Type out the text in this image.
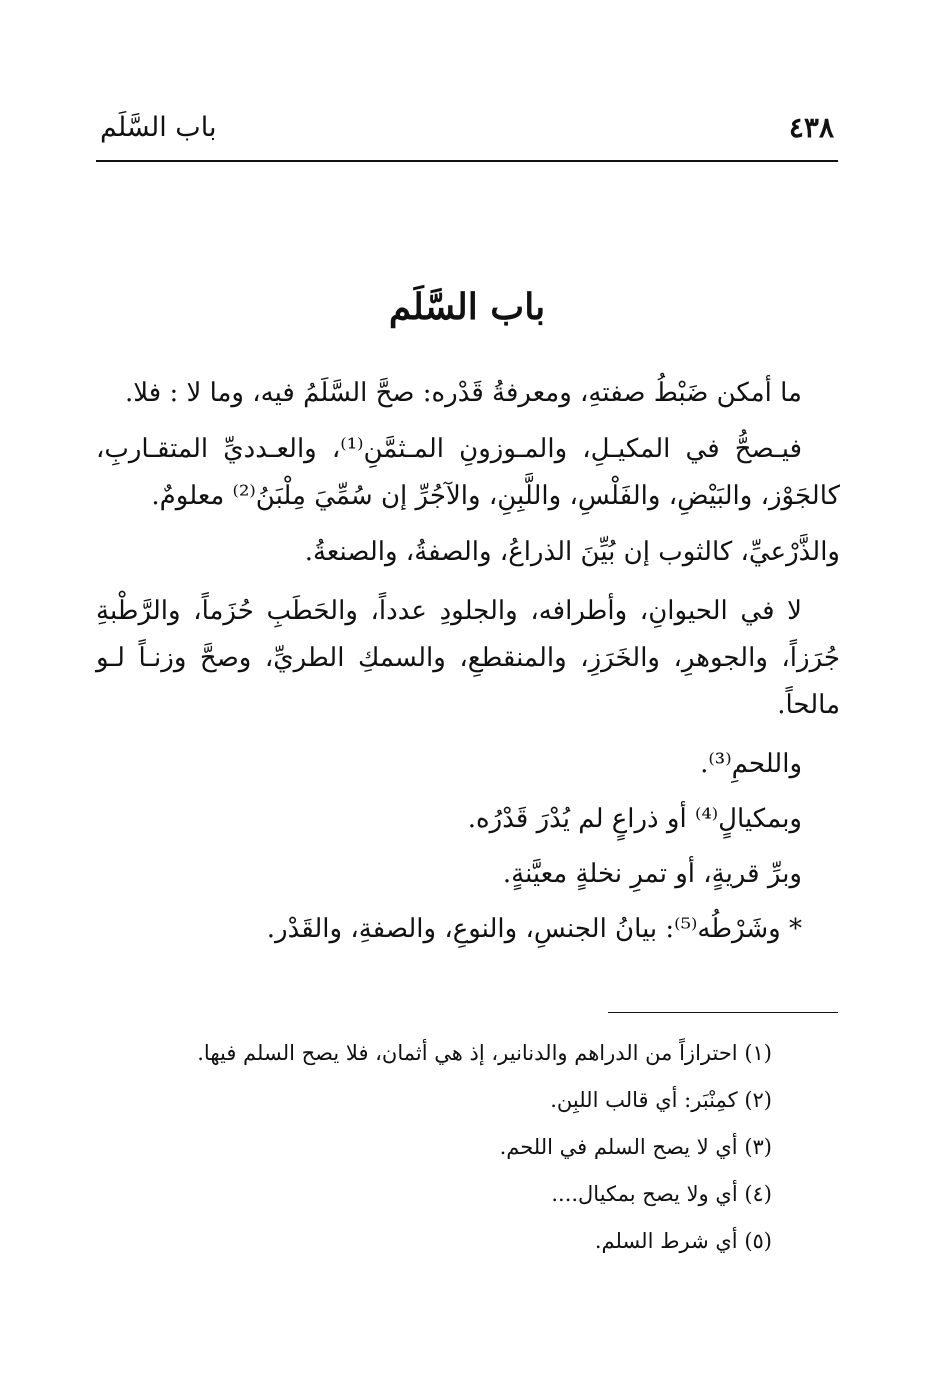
باب السَّلَم	٤٣٨
باب السَّلَم

ما أمكن ضَبْطُ صفتهِ، ومعرفةُ قَدْره: صحَّ السَّلَمُ فيه، وما لا : فلا.

فيـصحُّ في المكيـلِ، والمـوزونِ المـثمَّنِ⁽¹⁾، والعـدديِّ المتقـاربِ، كالجَوْز، والبَيْضِ، والفَلْسِ، واللَّبِنِ، والآجُرِّ إن سُمِّيَ مِلْبَنُ⁽²⁾ معلومٌ.

والذَّرْعيِّ، كالثوب إن بُيِّنَ الذراعُ، والصفةُ، والصنعةُ.

لا في الحيوانِ، وأطرافه، والجلودِ عدداً، والحَطَبِ حُزَماً، والرَّطْبةِ جُرَزاً، والجوهرِ، والخَرَزِ، والمنقطعِ، والسمكِ الطريِّ، وصحَّ وزنـاً لـو مالحاً.

واللحمِ⁽³⁾.

وبمكيالٍ⁽⁴⁾ أو ذراعٍ لم يُدْرَ قَدْرُه.

وبرِّ قريةٍ، أو تمرِ نخلةٍ معيَّنةٍ.

* وشَرْطُه⁽⁵⁾: بيانُ الجنسِ، والنوعِ، والصفةِ، والقَدْر.

(١) احترازاً من الدراهم والدنانير، إذ هي أثمان، فلا يصح السلم فيها.

(٢) كمِنْبَر: أي قالب اللبِن.

(٣) أي لا يصح السلم في اللحم.

(٤) أي ولا يصح بمكيال....

(٥) أي شرط السلم.
